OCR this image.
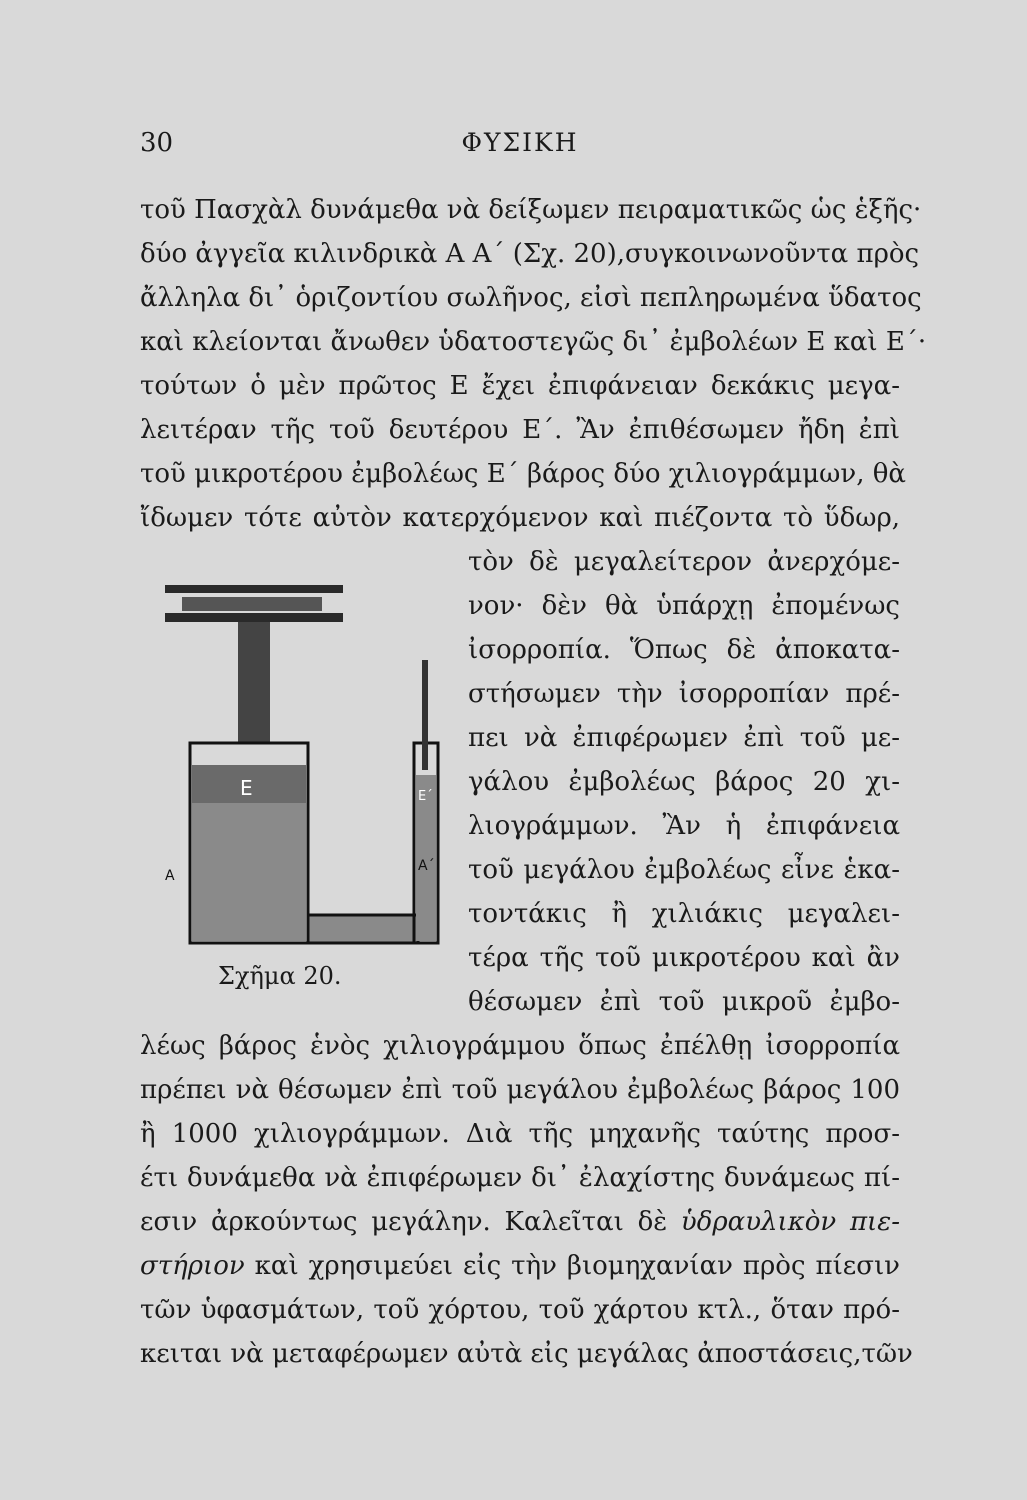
30	ΦΥΣΙΚΗ
τοῦ Πασχὰλ δυνάμεθα νὰ δείξωμεν πειραματικῶς ὡς ἑξῆς·
δύο ἀγγεῖα κιλινδρικὰ Α Α΄ (Σχ. 20),συγκοινωνοῦντα πρὸς
ἄλληλα δι᾽ ὁριζοντίου σωλῆνος, εἰσὶ πεπληρωμένα ὕδατος
καὶ κλείονται ἄνωθεν ὑδατοστεγῶς δι᾽ ἐμβολέων Ε καὶ Ε΄·
τούτων ὁ μὲν πρῶτος Ε ἔχει ἐπιφάνειαν δεκάκις μεγα-
λειτέραν τῆς τοῦ δευτέρου Ε΄. Ἂν ἐπιθέσωμεν ἤδη ἐπὶ
τοῦ μικροτέρου ἐμβολέως Ε΄ βάρος δύο χιλιογράμμων, θὰ
ἴδωμεν τότε αὐτὸν κατερχόμενον καὶ πιέζοντα τὸ ὕδωρ,
τὸν δὲ μεγαλείτερον ἀνερχόμε-
νον· δὲν θὰ ὑπάρχῃ ἐπομένως
ἰσορροπία. Ὅπως δὲ ἀποκατα-
στήσωμεν τὴν ἰσορροπίαν πρέ-
πει νὰ ἐπιφέρωμεν ἐπὶ τοῦ με-
γάλου ἐμβολέως βάρος 20 χι-
λιογράμμων. Ἂν ἡ ἐπιφάνεια
τοῦ μεγάλου ἐμβολέως εἶνε ἑκα-
τοντάκις ἢ χιλιάκις μεγαλει-
τέρα τῆς τοῦ μικροτέρου καὶ ἂν
θέσωμεν ἐπὶ τοῦ μικροῦ ἐμβο-
λέως βάρος ἑνὸς χιλιογράμμου ὅπως ἐπέλθῃ ἰσορροπία
πρέπει νὰ θέσωμεν ἐπὶ τοῦ μεγάλου ἐμβολέως βάρος 100
ἢ 1000 χιλιογράμμων. Διὰ τῆς μηχανῆς ταύτης προσ-
έτι δυνάμεθα νὰ ἐπιφέρωμεν δι᾽ ἐλαχίστης δυνάμεως πί-
εσιν ἀρκούντως μεγάλην. Καλεῖται δὲ ὑδραυλικὸν πιε-
στήριον καὶ χρησιμεύει εἰς τὴν βιομηχανίαν πρὸς πίεσιν
τῶν ὑφασμάτων, τοῦ χόρτου, τοῦ χάρτου κτλ., ὅταν πρό-
κειται νὰ μεταφέρωμεν αὐτὰ εἰς μεγάλας ἀποστάσεις,τῶν
E	E΄
A
A΄
Σχῆμα 20.
